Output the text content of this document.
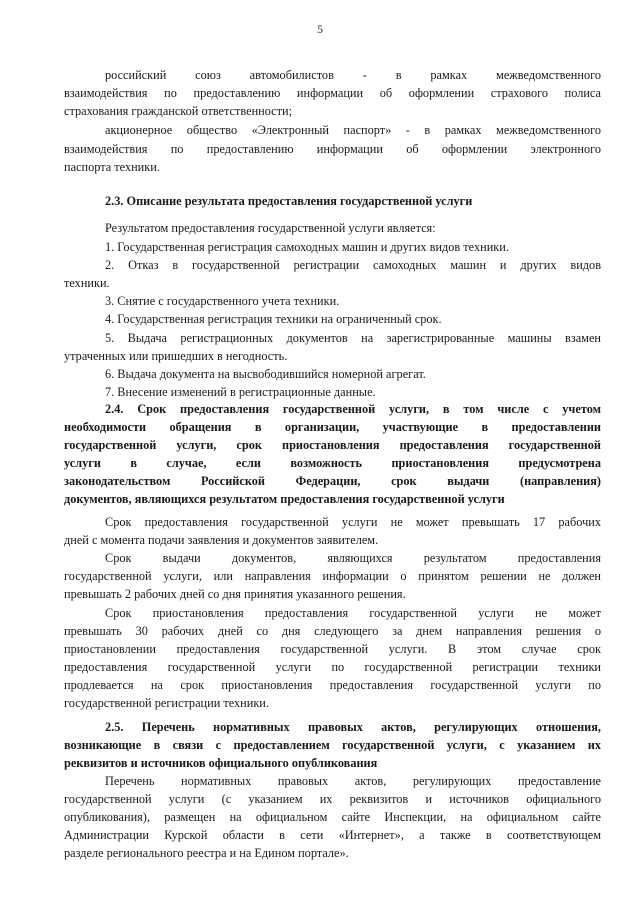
5
российский союз автомобилистов - в рамках межведомственного
взаимодействия по предоставлению информации об оформлении страхового полиса
страхования гражданской ответственности;
акционерное общество «Электронный паспорт» - в рамках межведомственного
взаимодействия по предоставлению информации об оформлении электронного
паспорта техники.
2.3. Описание результата предоставления государственной услуги
Результатом предоставления государственной услуги является:
1. Государственная регистрация самоходных машин и других видов техники.
2. Отказ в государственной регистрации самоходных машин и других видов
техники.
3. Снятие с государственного учета техники.
4. Государственная регистрация техники на ограниченный срок.
5. Выдача регистрационных документов на зарегистрированные машины взамен
утраченных или пришедших в негодность.
6. Выдача документа на высвободившийся номерной агрегат.
7. Внесение изменений в регистрационные данные.
2.4. Срок предоставления государственной услуги, в том числе с учетом
необходимости обращения в организации, участвующие в предоставлении
государственной услуги, срок приостановления предоставления государственной
услуги в случае, если возможность приостановления предусмотрена
законодательством Российской Федерации, срок выдачи (направления)
документов, являющихся результатом предоставления государственной услуги
Срок предоставления государственной услуги не может превышать 17 рабочих
дней с момента подачи заявления и документов заявителем.
Срок выдачи документов, являющихся результатом предоставления
государственной услуги, или направления информации о принятом решении не должен
превышать 2 рабочих дней со дня принятия указанного решения.
Срок приостановления предоставления государственной услуги не может
превышать 30 рабочих дней со дня следующего за днем направления решения о
приостановлении предоставления государственной услуги. В этом случае срок
предоставления государственной услуги по государственной регистрации техники
продлевается на срок приостановления предоставления государственной услуги по
государственной регистрации техники.
2.5. Перечень нормативных правовых актов, регулирующих отношения,
возникающие в связи с предоставлением государственной услуги, с указанием их
реквизитов и источников официального опубликования
Перечень нормативных правовых актов, регулирующих предоставление
государственной услуги (с указанием их реквизитов и источников официального
опубликования), размещен на официальном сайте Инспекции, на официальном сайте
Администрации Курской области в сети «Интернет», а также в соответствующем
разделе регионального реестра и на Едином портале».
